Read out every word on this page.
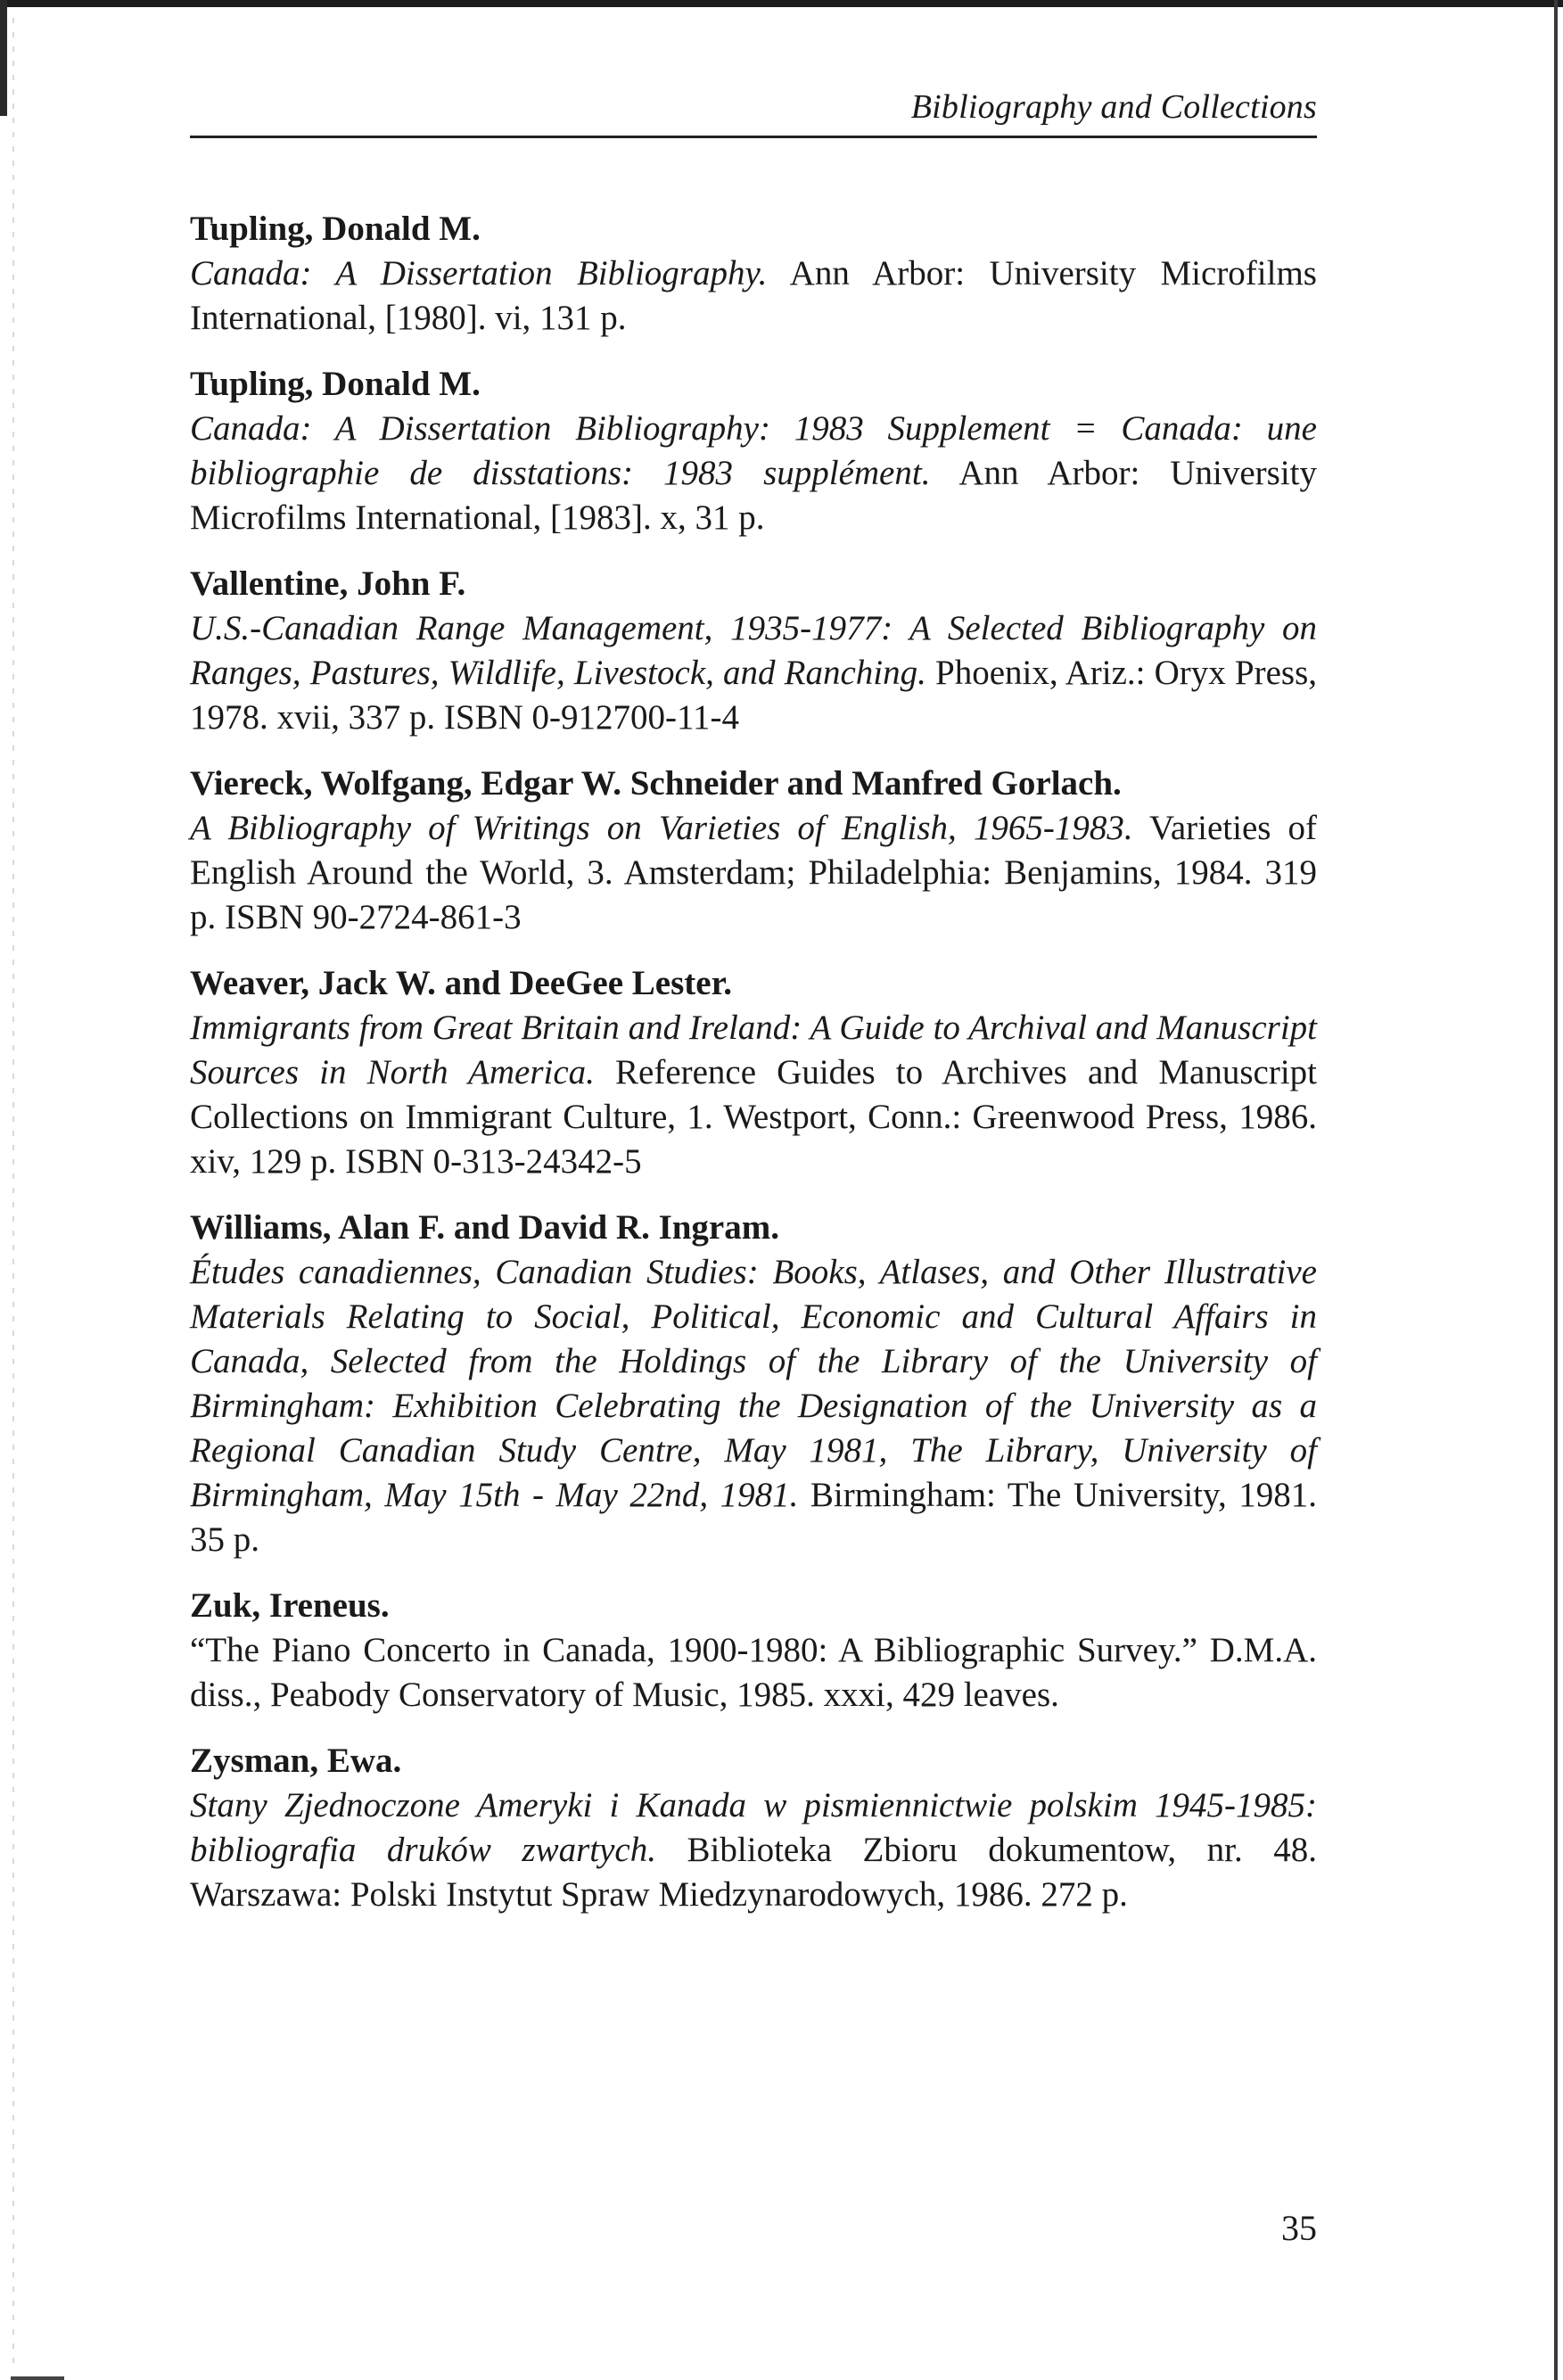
Bibliography and Collections
Tupling, Donald M.
Canada: A Dissertation Bibliography. Ann Arbor: University Microfilms International, [1980]. vi, 131 p.
Tupling, Donald M.
Canada: A Dissertation Bibliography: 1983 Supplement = Canada: une bibliographie de disstations: 1983 supplément. Ann Arbor: University Microfilms International, [1983]. x, 31 p.
Vallentine, John F.
U.S.-Canadian Range Management, 1935-1977: A Selected Bibliography on Ranges, Pastures, Wildlife, Livestock, and Ranching. Phoenix, Ariz.: Oryx Press, 1978. xvii, 337 p. ISBN 0-912700-11-4
Viereck, Wolfgang, Edgar W. Schneider and Manfred Gorlach.
A Bibliography of Writings on Varieties of English, 1965-1983. Varieties of English Around the World, 3. Amsterdam; Philadelphia: Benjamins, 1984. 319 p. ISBN 90-2724-861-3
Weaver, Jack W. and DeeGee Lester.
Immigrants from Great Britain and Ireland: A Guide to Archival and Manuscript Sources in North America. Reference Guides to Archives and Manuscript Collections on Immigrant Culture, 1. Westport, Conn.: Greenwood Press, 1986. xiv, 129 p. ISBN 0-313-24342-5
Williams, Alan F. and David R. Ingram.
Études canadiennes, Canadian Studies: Books, Atlases, and Other Illustrative Materials Relating to Social, Political, Economic and Cultural Affairs in Canada, Selected from the Holdings of the Library of the University of Birmingham: Exhibition Celebrating the Designation of the University as a Regional Canadian Study Centre, May 1981, The Library, University of Birmingham, May 15th - May 22nd, 1981. Birmingham: The University, 1981. 35 p.
Zuk, Ireneus.
“The Piano Concerto in Canada, 1900-1980: A Bibliographic Survey.” D.M.A. diss., Peabody Conservatory of Music, 1985. xxxi, 429 leaves.
Zysman, Ewa.
Stany Zjednoczone Ameryki i Kanada w pismiennictwie polskim 1945-1985: bibliografia druków zwartych. Biblioteka Zbioru dokumentow, nr. 48. Warszawa: Polski Instytut Spraw Miedzynarodowych, 1986. 272 p.
35
